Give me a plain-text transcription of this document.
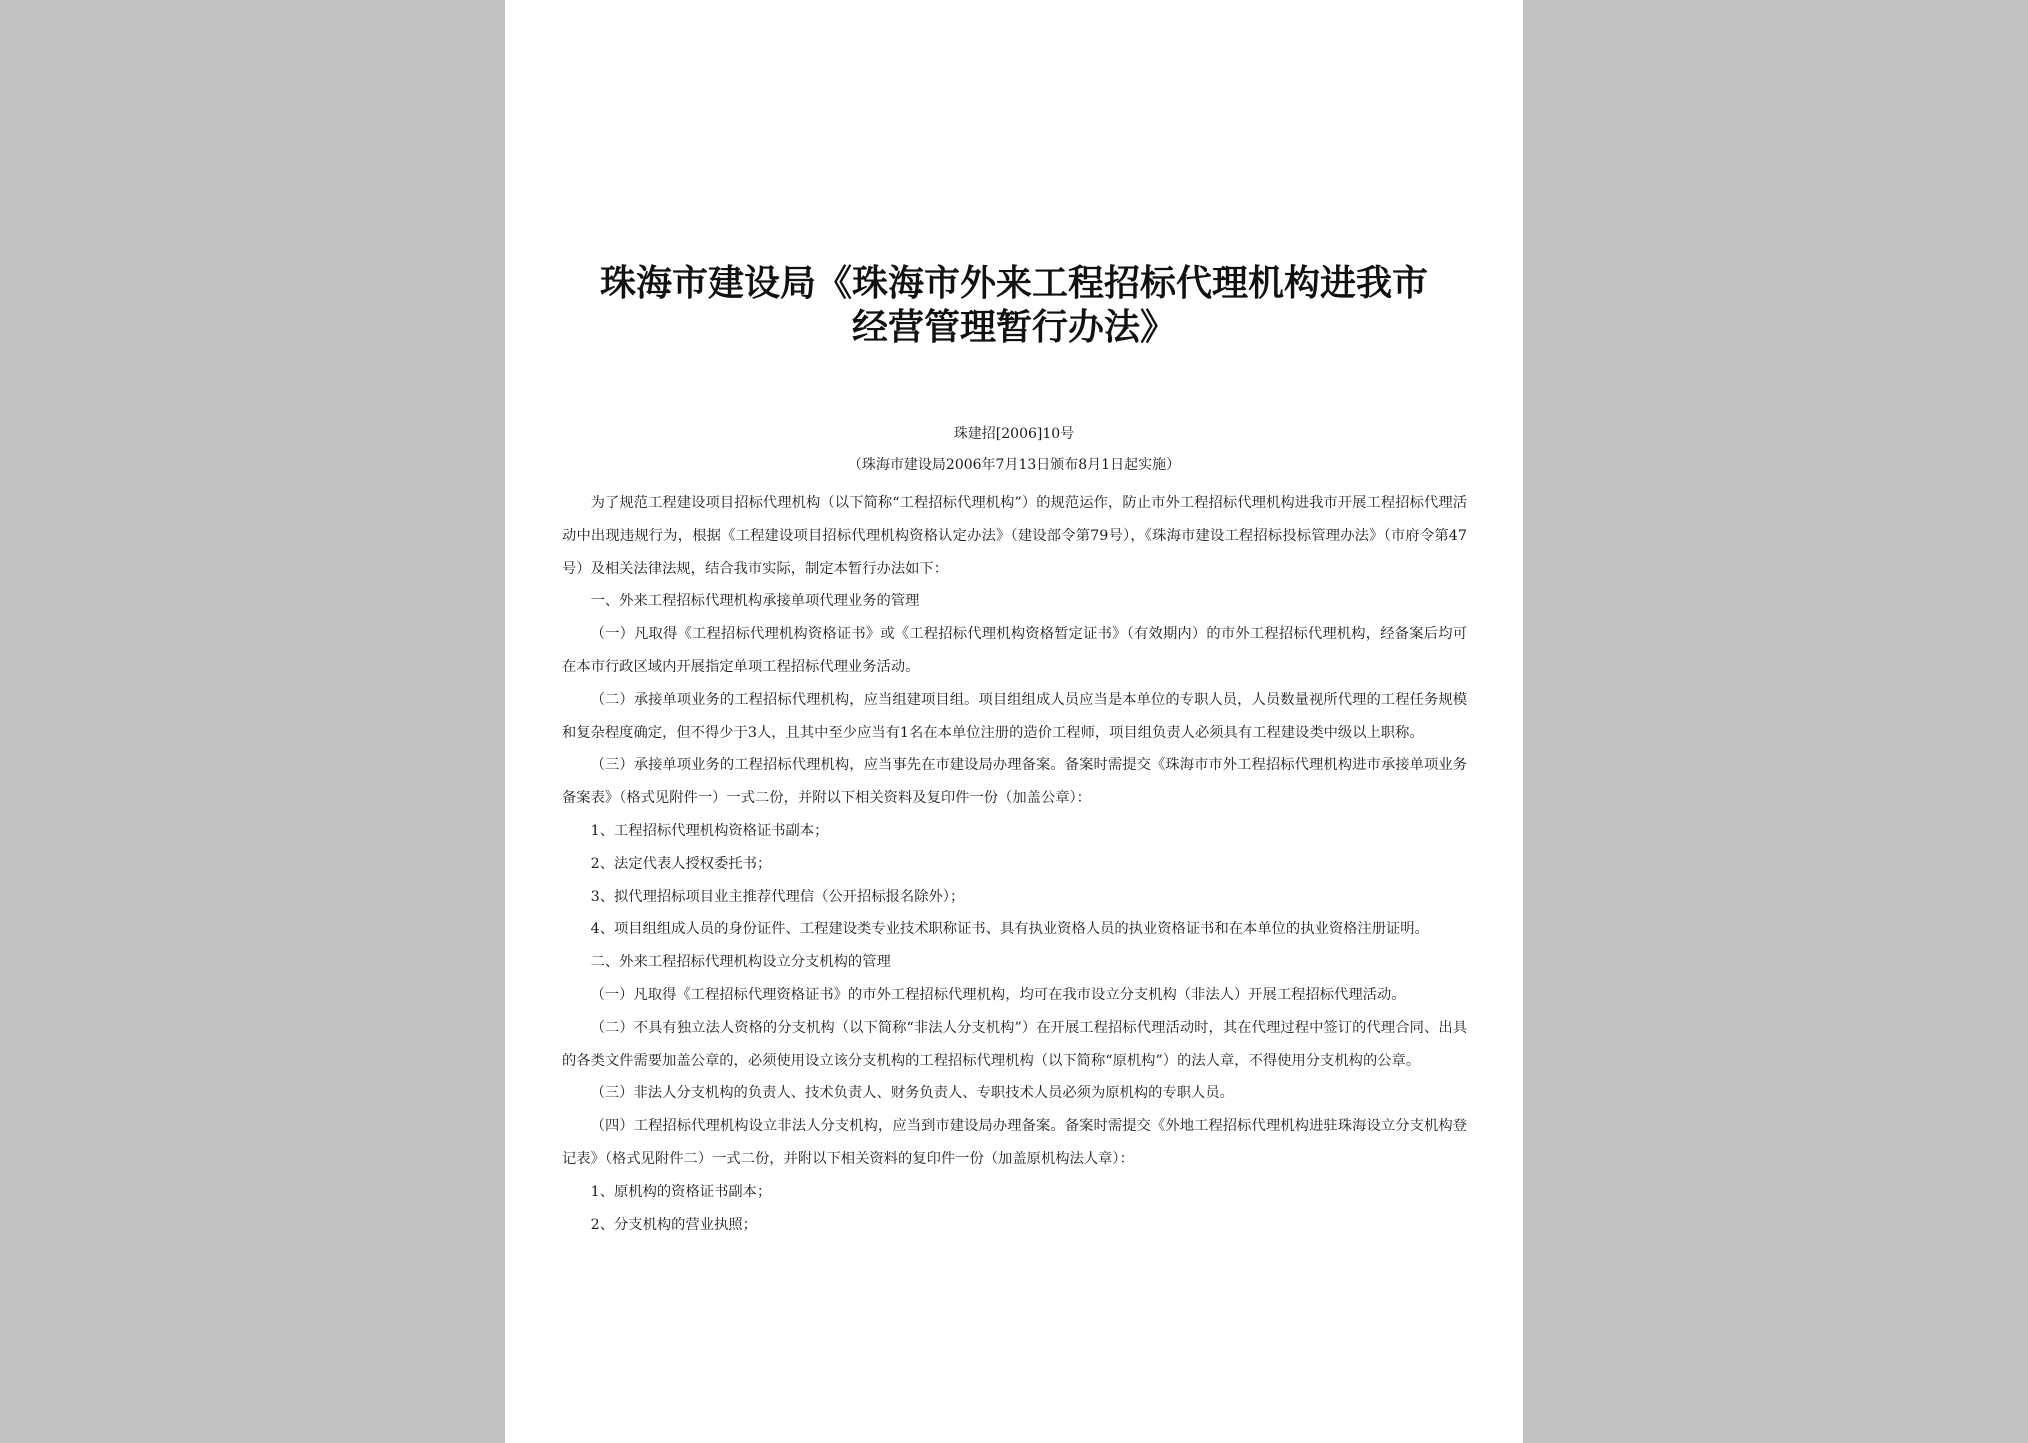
珠海市建设局《珠海市外来工程招标代理机构进我市
经营管理暂行办法》
珠建招[2006]10号
（珠海市建设局2006年7月13日颁布8月1日起实施）

为了规范工程建设项目招标代理机构（以下简称“工程招标代理机构”）的规范运作，防止市外工程招标代理机构进我市开展工程招标代理活动中出现违规行为，根据《工程建设项目招标代理机构资格认定办法》（建设部令第79号），《珠海市建设工程招标投标管理办法》（市府令第47号）及相关法律法规，结合我市实际，制定本暂行办法如下：

一、外来工程招标代理机构承接单项代理业务的管理

（一）凡取得《工程招标代理机构资格证书》或《工程招标代理机构资格暂定证书》（有效期内）的市外工程招标代理机构，经备案后均可在本市行政区域内开展指定单项工程招标代理业务活动。

（二）承接单项业务的工程招标代理机构，应当组建项目组。项目组组成人员应当是本单位的专职人员，人员数量视所代理的工程任务规模和复杂程度确定，但不得少于3人，且其中至少应当有1名在本单位注册的造价工程师，项目组负责人必须具有工程建设类中级以上职称。

（三）承接单项业务的工程招标代理机构，应当事先在市建设局办理备案。备案时需提交《珠海市市外工程招标代理机构进市承接单项业务备案表》（格式见附件一）一式二份，并附以下相关资料及复印件一份（加盖公章）：

1、工程招标代理机构资格证书副本；

2、法定代表人授权委托书；

3、拟代理招标项目业主推荐代理信（公开招标报名除外）；

4、项目组组成人员的身份证件、工程建设类专业技术职称证书、具有执业资格人员的执业资格证书和在本单位的执业资格注册证明。

二、外来工程招标代理机构设立分支机构的管理

（一）凡取得《工程招标代理资格证书》的市外工程招标代理机构，均可在我市设立分支机构（非法人）开展工程招标代理活动。

（二）不具有独立法人资格的分支机构（以下简称“非法人分支机构”）在开展工程招标代理活动时，其在代理过程中签订的代理合同、出具的各类文件需要加盖公章的，必须使用设立该分支机构的工程招标代理机构（以下简称“原机构”）的法人章，不得使用分支机构的公章。

（三）非法人分支机构的负责人、技术负责人、财务负责人、专职技术人员必须为原机构的专职人员。

（四）工程招标代理机构设立非法人分支机构，应当到市建设局办理备案。备案时需提交《外地工程招标代理机构进驻珠海设立分支机构登记表》（格式见附件二）一式二份，并附以下相关资料的复印件一份（加盖原机构法人章）：

1、原机构的资格证书副本；

2、分支机构的营业执照；
